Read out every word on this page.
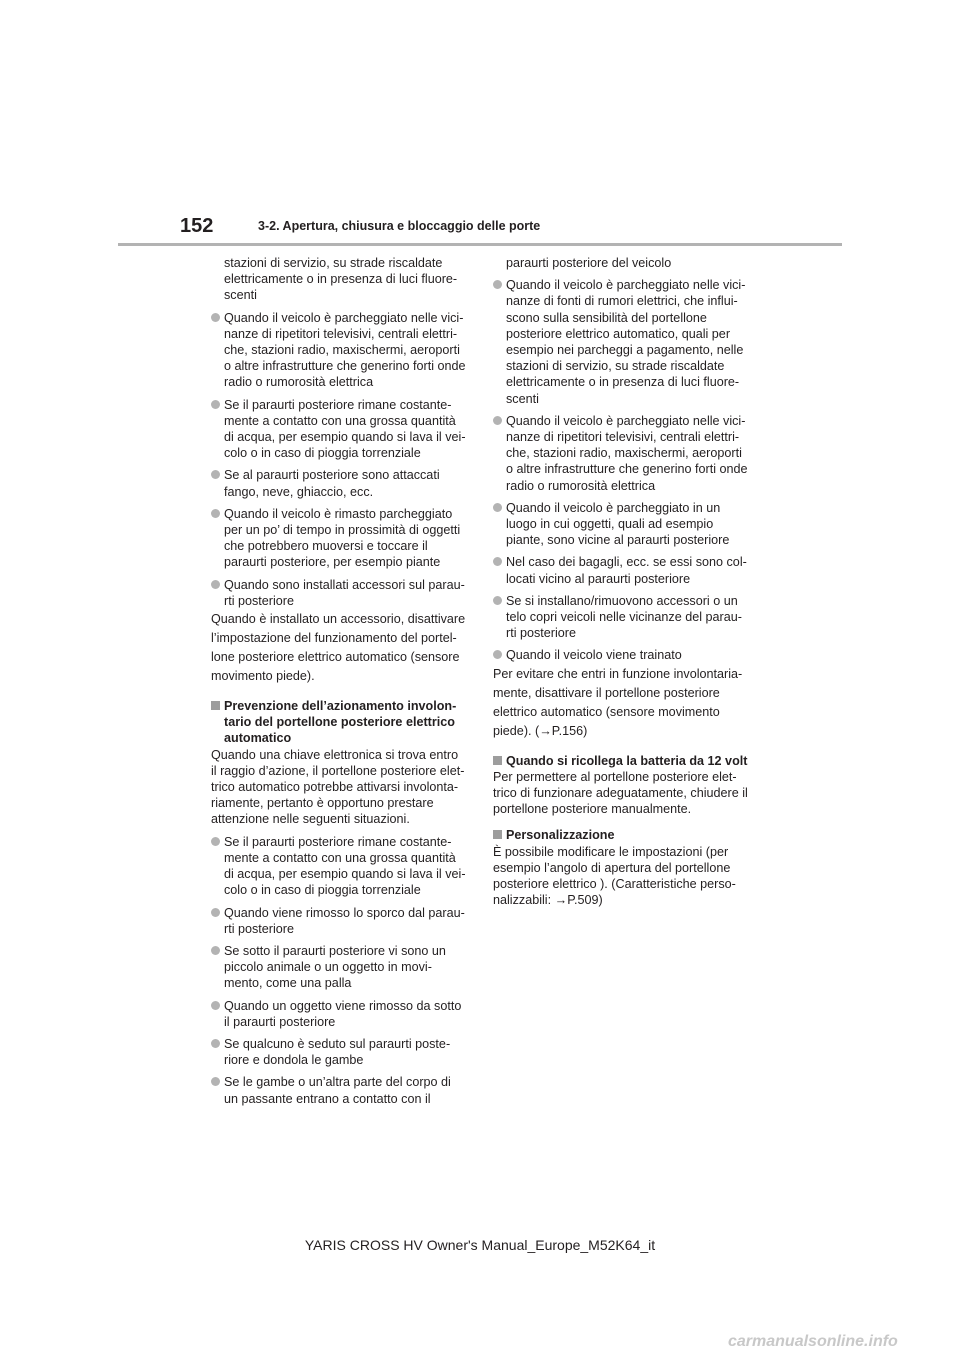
152	3-2. Apertura, chiusura e bloccaggio delle porte
stazioni di servizio, su strade riscaldate elettricamente o in presenza di luci fluore-scenti
Quando il veicolo è parcheggiato nelle vici-nanze di ripetitori televisivi, centrali elettri-che, stazioni radio, maxischermi, aeroporti o altre infrastrutture che generino forti onde radio o rumorosità elettrica
Se il paraurti posteriore rimane costante-mente a contatto con una grossa quantità di acqua, per esempio quando si lava il vei-colo o in caso di pioggia torrenziale
Se al paraurti posteriore sono attaccati fango, neve, ghiaccio, ecc.
Quando il veicolo è rimasto parcheggiato per un po’ di tempo in prossimità di oggetti che potrebbero muoversi e toccare il paraurti posteriore, per esempio piante
Quando sono installati accessori sul parau-rti posteriore
Quando è installato un accessorio, disattivare l’impostazione del funzionamento del portel-lone posteriore elettrico automatico (sensore movimento piede).
Prevenzione dell’azionamento involon-tario del portellone posteriore elettrico automatico
Quando una chiave elettronica si trova entro il raggio d’azione, il portellone posteriore elet-trico automatico potrebbe attivarsi involonta-riamente, pertanto è opportuno prestare attenzione nelle seguenti situazioni.
Se il paraurti posteriore rimane costante-mente a contatto con una grossa quantità di acqua, per esempio quando si lava il vei-colo o in caso di pioggia torrenziale
Quando viene rimosso lo sporco dal parau-rti posteriore
Se sotto il paraurti posteriore vi sono un piccolo animale o un oggetto in movi-mento, come una palla
Quando un oggetto viene rimosso da sotto il paraurti posteriore
Se qualcuno è seduto sul paraurti poste-riore e dondola le gambe
Se le gambe o un’altra parte del corpo di un passante entrano a contatto con il
paraurti posteriore del veicolo
Quando il veicolo è parcheggiato nelle vici-nanze di fonti di rumori elettrici, che influi-scono sulla sensibilità del portellone posteriore elettrico automatico, quali per esempio nei parcheggi a pagamento, nelle stazioni di servizio, su strade riscaldate elettricamente o in presenza di luci fluore-scenti
Quando il veicolo è parcheggiato nelle vici-nanze di ripetitori televisivi, centrali elettri-che, stazioni radio, maxischermi, aeroporti o altre infrastrutture che generino forti onde radio o rumorosità elettrica
Quando il veicolo è parcheggiato in un luogo in cui oggetti, quali ad esempio piante, sono vicine al paraurti posteriore
Nel caso dei bagagli, ecc. se essi sono col-locati vicino al paraurti posteriore
Se si installano/rimuovono accessori o un telo copri veicoli nelle vicinanze del parau-rti posteriore
Quando il veicolo viene trainato
Per evitare che entri in funzione involontaria-mente, disattivare il portellone posteriore elettrico automatico (sensore movimento piede). (→P.156)
Quando si ricollega la batteria da 12 volt
Per permettere al portellone posteriore elet-trico di funzionare adeguatamente, chiudere il portellone posteriore manualmente.
Personalizzazione
È possibile modificare le impostazioni (per esempio l’angolo di apertura del portellone posteriore elettrico ). (Caratteristiche perso-nalizzabili: →P.509)
YARIS CROSS HV Owner's Manual_Europe_M52K64_it
carmanualsonline.info
